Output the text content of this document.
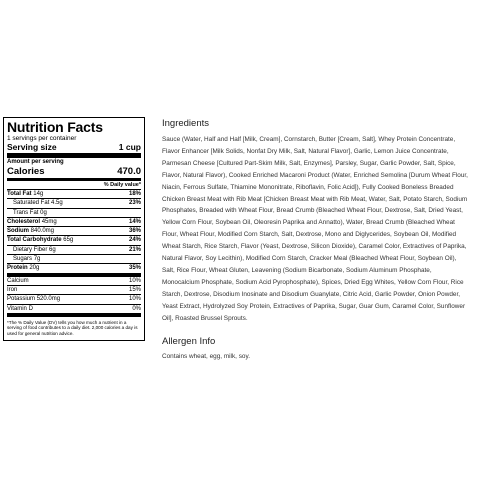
Nutrition Facts
1 servings per container
Serving size	1 cup
Amount per serving
Calories	470.0
% Daily value*
Total Fat 14g	18%
Saturated Fat 4.5g	23%
Trans Fat 0g
Cholesterol 45mg	14%
Sodium 840.0mg	36%
Total Carbohydrate 65g	24%
Dietary Fiber 6g	21%
Sugars 7g
Protein 20g	35%
Calcium	10%
Iron	15%
Potassium 520.0mg	10%
Vitamin D	0%
*The % Daily Value (DV) tells you how much a nutrient in a serving of food contributes to a daily diet. 2,000 calories a day is used for general nutrition advice.
Ingredients

Sauce (Water, Half and Half [Milk, Cream], Cornstarch, Butter [Cream, Salt], Whey Protein Concentrate, Flavor Enhancer [Milk Solids, Nonfat Dry Milk, Salt, Natural Flavor], Garlic, Lemon Juice Concentrate, Parmesan Cheese [Cultured Part-Skim Milk, Salt, Enzymes], Parsley, Sugar, Garlic Powder, Salt, Spice, Flavor, Natural Flavor), Cooked Enriched Macaroni Product (Water, Enriched Semolina [Durum Wheat Flour, Niacin, Ferrous Sulfate, Thiamine Mononitrate, Riboflavin, Folic Acid]), Fully Cooked Boneless Breaded Chicken Breast Meat with Rib Meat [Chicken Breast Meat with Rib Meat, Water, Salt, Potato Starch, Sodium Phosphates, Breaded with Wheat Flour, Bread Crumb (Bleached Wheat Flour, Dextrose, Salt, Dried Yeast, Yellow Corn Flour, Soybean Oil, Oleoresin Paprika and Annatto), Water, Bread Crumb (Bleached Wheat Flour, Wheat Flour, Modified Corn Starch, Salt, Dextrose, Mono and Diglycerides, Soybean Oil, Modified Wheat Starch, Rice Starch, Flavor (Yeast, Dextrose, Silicon Dioxide), Caramel Color, Extractives of Paprika, Natural Flavor, Soy Lecithin), Modified Corn Starch, Cracker Meal (Bleached Wheat Flour, Soybean Oil), Salt, Rice Flour, Wheat Gluten, Leavening (Sodium Bicarbonate, Sodium Aluminum Phosphate, Monocalcium Phosphate, Sodium Acid Pyrophosphate), Spices, Dried Egg Whites, Yellow Corn Flour, Rice Starch, Dextrose, Disodium Inosinate and Disodium Guanylate, Citric Acid, Garlic Powder, Onion Powder, Yeast Extract, Hydrolyzed Soy Protein, Extractives of Paprika, Sugar, Guar Gum, Caramel Color, Sunflower Oil], Roasted Brussel Sprouts.

Allergen Info

Contains wheat, egg, milk, soy.
